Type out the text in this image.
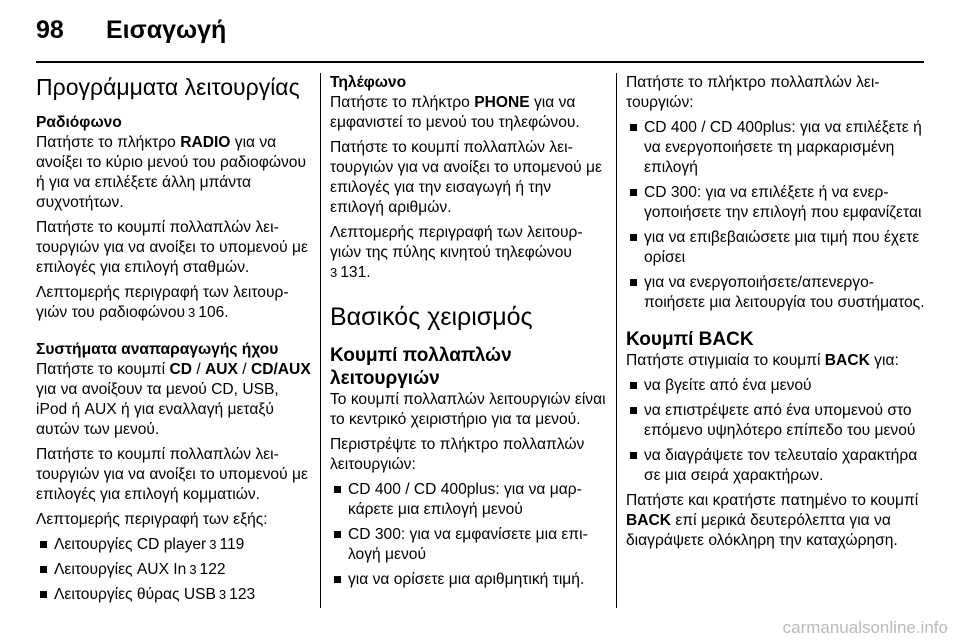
98	Εισαγωγή
Προγράμματα λειτουργίας
Ραδιόφωνο

Πατήστε το πλήκτρο RADIO για να ανοίξει το κύριο μενού του ραδιοφώνου ή για να επιλέξετε άλλη μπάντα συχνοτήτων.

Πατήστε το κουμπί πολλαπλών λειτουργιών για να ανοίξει το υπομενού με επιλογές για επιλογή σταθμών.

Λεπτομερής περιγραφή των λειτουργιών του ραδιοφώνου 3 106.

Συστήματα αναπαραγωγής ήχου

Πατήστε το κουμπί CD / AUX / CD/AUX για να ανοίξουν τα μενού CD, USB, iPod ή AUX ή για εναλλαγή μεταξύ αυτών των μενού.

Πατήστε το κουμπί πολλαπλών λειτουργιών για να ανοίξει το υπομενού με επιλογές για επιλογή κομματιών.

Λεπτομερής περιγραφή των εξής:

Λειτουργίες CD player 3 119
Λειτουργίες AUX In 3 122
Λειτουργίες θύρας USB 3 123
Τηλέφωνο

Πατήστε το πλήκτρο PHONE για να εμφανιστεί το μενού του τηλεφώνου.

Πατήστε το κουμπί πολλαπλών λειτουργιών για να ανοίξει το υπομενού με επιλογές για την εισαγωγή ή την επιλογή αριθμών.

Λεπτομερής περιγραφή των λειτουργιών της πύλης κινητού τηλεφώνου
3 131.

Βασικός χειρισμός
Κουμπί πολλαπλών λειτουργιών

Το κουμπί πολλαπλών λειτουργιών είναι το κεντρικό χειριστήριο για τα μενού.

Περιστρέψτε το πλήκτρο πολλαπλών λειτουργιών:

CD 400 / CD 400plus: για να μαρκάρετε μια επιλογή μενού
CD 300: για να εμφανίσετε μια επιλογή μενού
για να ορίσετε μια αριθμητική τιμή.

Πατήστε το πλήκτρο πολλαπλών λειτουργιών:

CD 400 / CD 400plus: για να επιλέξετε ή να ενεργοποιήσετε τη μαρκαρισμένη επιλογή
CD 300: για να επιλέξετε ή να ενεργοποιήσετε την επιλογή που εμφανίζεται
για να επιβεβαιώσετε μια τιμή που έχετε ορίσει
για να ενεργοποιήσετε/απενεργοποιήσετε μια λειτουργία του συστήματος.
Κουμπί BACK

Πατήστε στιγμιαία το κουμπί BACK για:

να βγείτε από ένα μενού
να επιστρέψετε από ένα υπομενού στο επόμενο υψηλότερο επίπεδο του μενού
να διαγράψετε τον τελευταίο χαρακτήρα σε μια σειρά χαρακτήρων.

Πατήστε και κρατήστε πατημένο το κουμπί BACK επί μερικά δευτερόλεπτα για να διαγράψετε ολόκληρη την καταχώρηση.

carmanualsonline.info
